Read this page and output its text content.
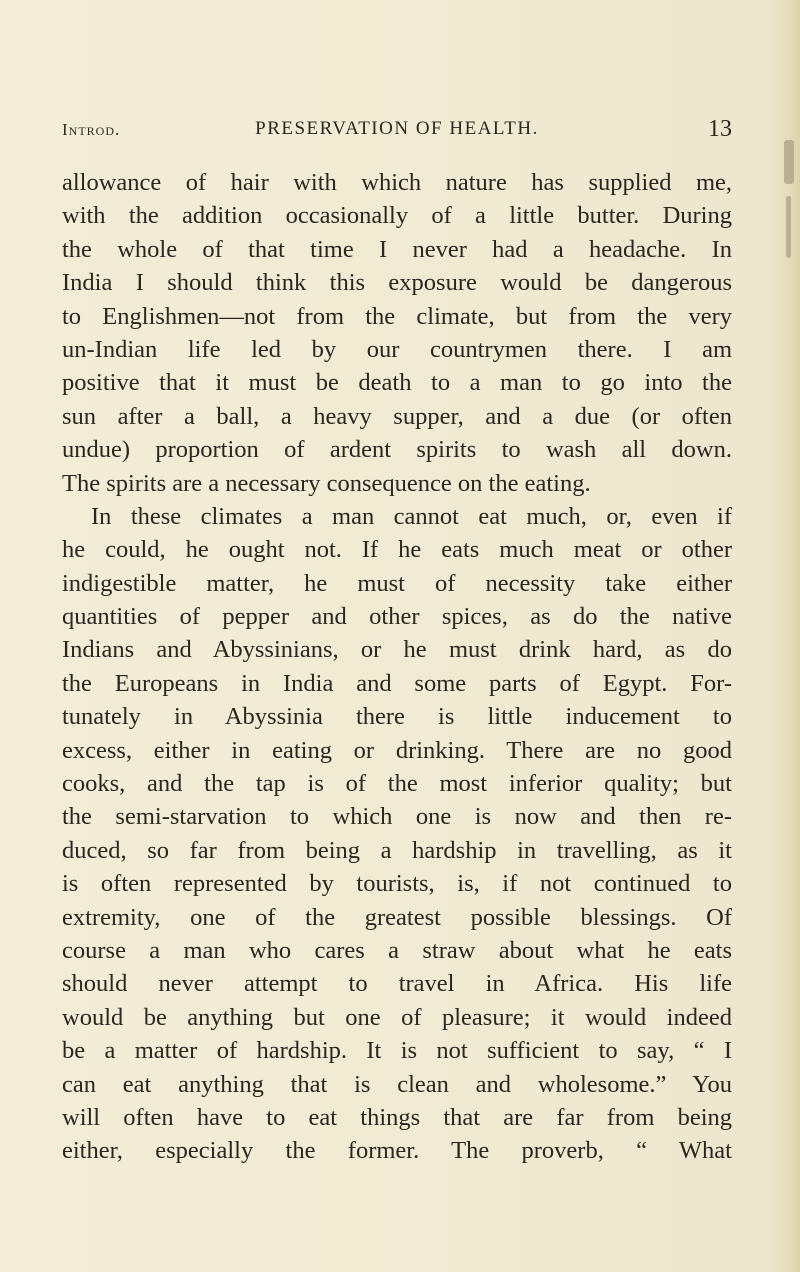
Introd.	PRESERVATION OF HEALTH.	13
allowance of hair with which nature has supplied me,
with the addition occasionally of a little butter. During
the whole of that time I never had a headache. In
India I should think this exposure would be dangerous
to Englishmen—not from the climate, but from the very
un-Indian life led by our countrymen there. I am
positive that it must be death to a man to go into the
sun after a ball, a heavy supper, and a due (or often
undue) proportion of ardent spirits to wash all down.
The spirits are a necessary consequence on the eating.
In these climates a man cannot eat much, or, even if
he could, he ought not. If he eats much meat or other
indigestible matter, he must of necessity take either
quantities of pepper and other spices, as do the native
Indians and Abyssinians, or he must drink hard, as do
the Europeans in India and some parts of Egypt. For-
tunately in Abyssinia there is little inducement to
excess, either in eating or drinking. There are no good
cooks, and the tap is of the most inferior quality; but
the semi-starvation to which one is now and then re-
duced, so far from being a hardship in travelling, as it
is often represented by tourists, is, if not continued to
extremity, one of the greatest possible blessings. Of
course a man who cares a straw about what he eats
should never attempt to travel in Africa. His life
would be anything but one of pleasure; it would indeed
be a matter of hardship. It is not sufficient to say, “ I
can eat anything that is clean and wholesome.” You
will often have to eat things that are far from being
either, especially the former. The proverb, “ What
